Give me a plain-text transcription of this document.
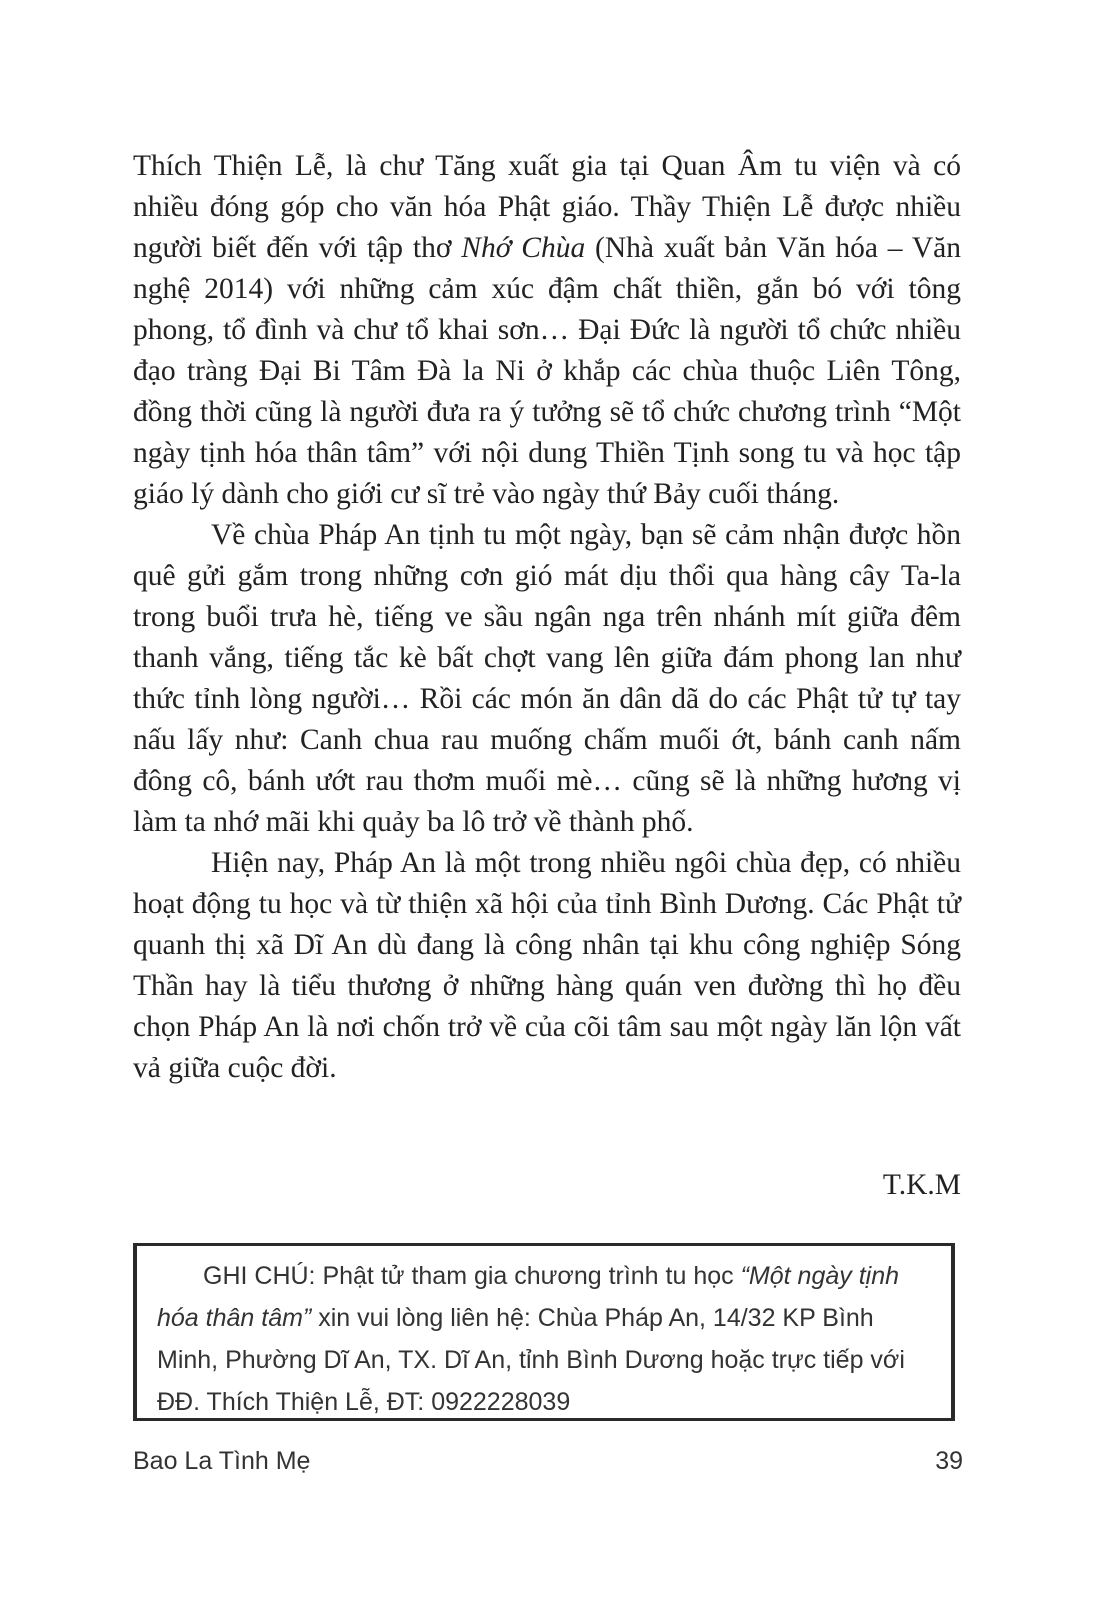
Thích Thiện Lễ, là chư Tăng xuất gia tại Quan Âm tu viện và có nhiều đóng góp cho văn hóa Phật giáo. Thầy Thiện Lễ được nhiều người biết đến với tập thơ Nhớ Chùa (Nhà xuất bản Văn hóa – Văn nghệ 2014) với những cảm xúc đậm chất thiền, gắn bó với tông phong, tổ đình và chư tổ khai sơn… Đại Đức là người tổ chức nhiều đạo tràng Đại Bi Tâm Đà la Ni ở khắp các chùa thuộc Liên Tông, đồng thời cũng là người đưa ra ý tưởng sẽ tổ chức chương trình “Một ngày tịnh hóa thân tâm” với nội dung Thiền Tịnh song tu và học tập giáo lý dành cho giới cư sĩ trẻ vào ngày thứ Bảy cuối tháng.

Về chùa Pháp An tịnh tu một ngày, bạn sẽ cảm nhận được hồn quê gửi gắm trong những cơn gió mát dịu thổi qua hàng cây Ta-la trong buổi trưa hè, tiếng ve sầu ngân nga trên nhánh mít giữa đêm thanh vắng, tiếng tắc kè bất chợt vang lên giữa đám phong lan như thức tỉnh lòng người… Rồi các món ăn dân dã do các Phật tử tự tay nấu lấy như: Canh chua rau muống chấm muối ớt, bánh canh nấm đông cô, bánh ướt rau thơm muối mè… cũng sẽ là những hương vị làm ta nhớ mãi khi quảy ba lô trở về thành phố.

Hiện nay, Pháp An là một trong nhiều ngôi chùa đẹp, có nhiều hoạt động tu học và từ thiện xã hội của tỉnh Bình Dương. Các Phật tử quanh thị xã Dĩ An dù đang là công nhân tại khu công nghiệp Sóng Thần hay là tiểu thương ở những hàng quán ven đường thì họ đều chọn Pháp An là nơi chốn trở về của cõi tâm sau một ngày lăn lộn vất vả giữa cuộc đời.

T.K.M

GHI CHÚ: Phật tử tham gia chương trình tu học “Một ngày tịnh hóa thân tâm” xin vui lòng liên hệ: Chùa Pháp An, 14/32 KP Bình Minh, Phường Dĩ An, TX. Dĩ An, tỉnh Bình Dương hoặc trực tiếp với ĐĐ. Thích Thiện Lễ, ĐT: 0922228039

Bao La Tình Mẹ	39
